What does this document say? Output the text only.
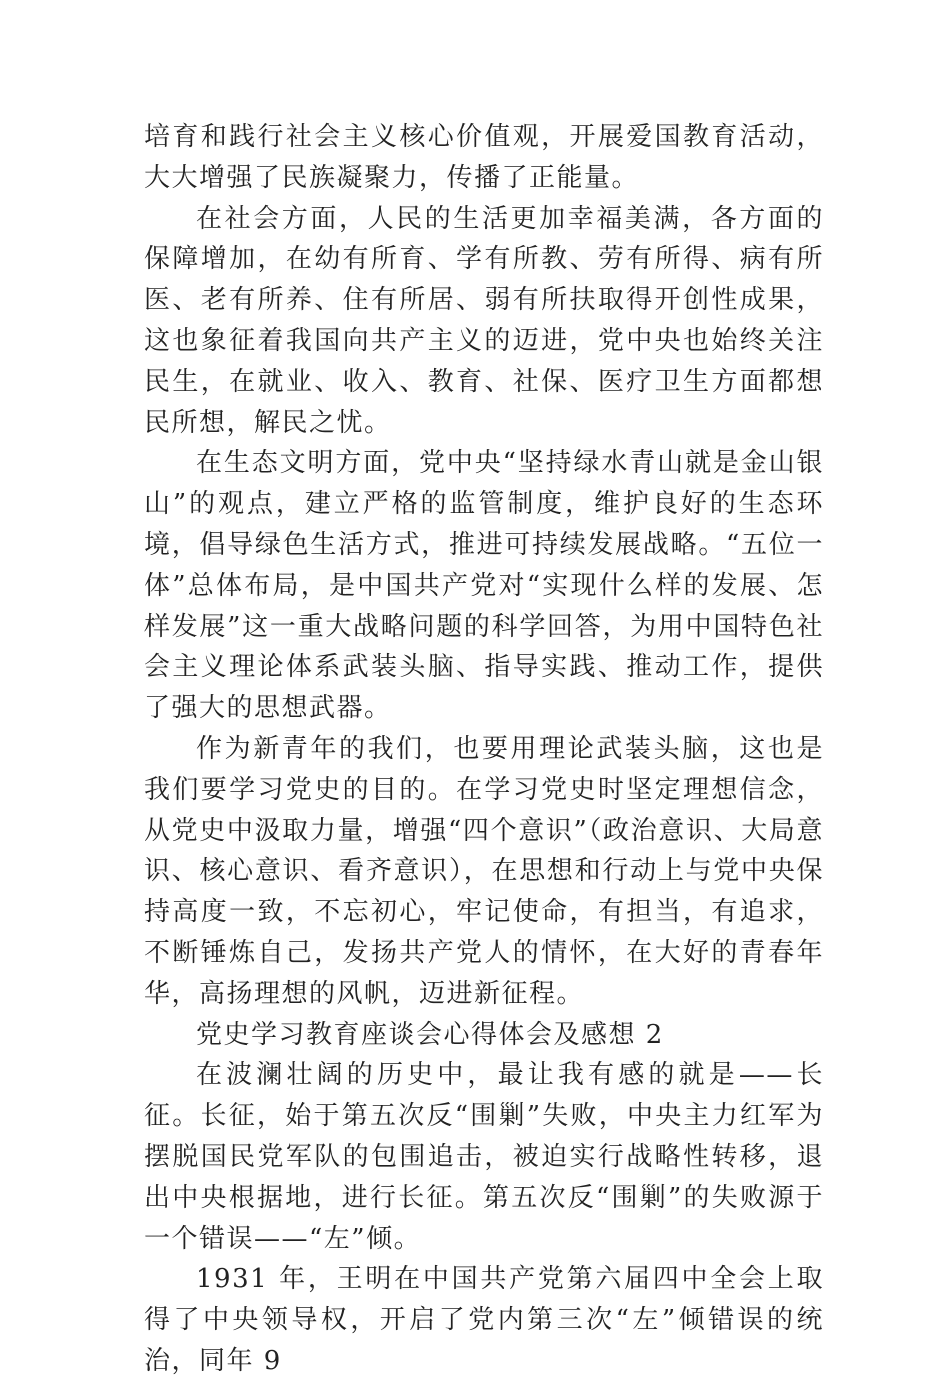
培育和践行社会主义核心价值观，开展爱国教育活动，大大增强了民族凝聚力，传播了正能量。

在社会方面，人民的生活更加幸福美满，各方面的保障增加，在幼有所育、学有所教、劳有所得、病有所医、老有所养、住有所居、弱有所扶取得开创性成果，这也象征着我国向共产主义的迈进，党中央也始终关注民生，在就业、收入、教育、社保、医疗卫生方面都想民所想，解民之忧。

在生态文明方面，党中央“坚持绿水青山就是金山银山”的观点，建立严格的监管制度，维护良好的生态环境，倡导绿色生活方式，推进可持续发展战略。“五位一体”总体布局，是中国共产党对“实现什么样的发展、怎样发展”这一重大战略问题的科学回答，为用中国特色社会主义理论体系武装头脑、指导实践、推动工作，提供了强大的思想武器。

作为新青年的我们，也要用理论武装头脑，这也是我们要学习党史的目的。在学习党史时坚定理想信念，从党史中汲取力量，增强“四个意识”（政治意识、大局意识、核心意识、看齐意识），在思想和行动上与党中央保持高度一致，不忘初心，牢记使命，有担当，有追求，不断锤炼自己，发扬共产党人的情怀，在大好的青春年华，高扬理想的风帆，迈进新征程。

党史学习教育座谈会心得体会及感想 2

在波澜壮阔的历史中，最让我有感的就是——长征。长征，始于第五次反“围剿”失败，中央主力红军为摆脱国民党军队的包围追击，被迫实行战略性转移，退出中央根据地，进行长征。第五次反“围剿”的失败源于一个错误——“左”倾。

1931 年，王明在中国共产党第六届四中全会上取得了中央领导权，开启了党内第三次“左”倾错误的统治，同年 9
